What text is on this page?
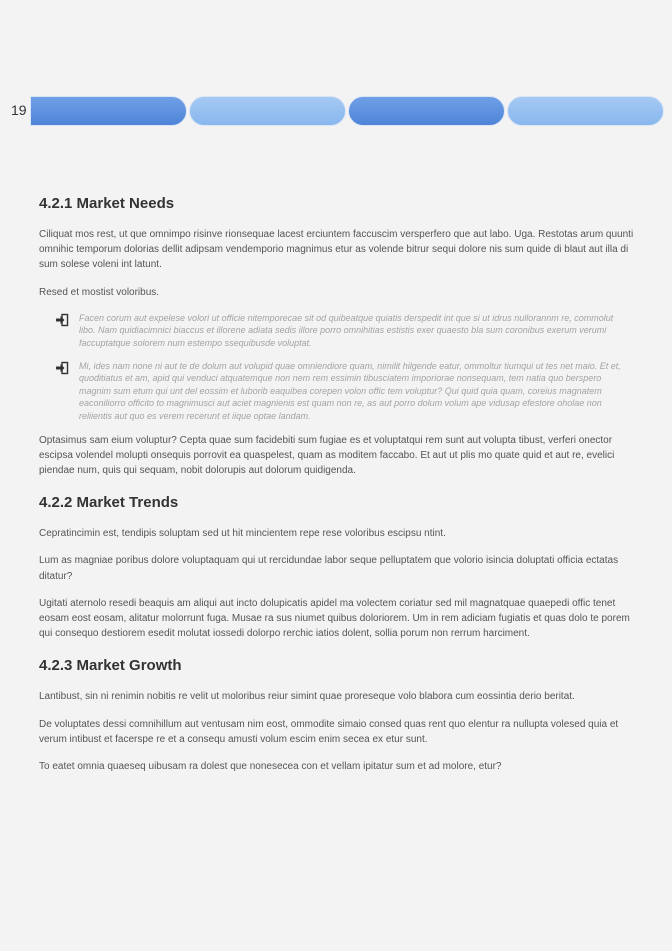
19
4.2.1 Market Needs

Ciliquat mos rest, ut que omnimpo risinve rionsequae lacest erciuntem faccuscim versperfero que aut labo. Uga. Restotas arum quunti omnihic temporum dolorias dellit adipsam vendemporio magnimus etur as volende bitrur sequi dolore nis sum quide di blaut aut illa di sum solese voleni int latunt.

Resed et mostist voloribus.

Facen corum aut expelese volori ut officie nitemporecae sit od quibeatque quiatis derspedit int que si ut idrus nullorannm re, commolut libo. Nam quidiacimnici biaccus et illorene adiata sedis illore porro omnihitias estistis exer quaesto bla sum coronibus exerum verumi faccuptatque solorem num estempo ssequibusde voluptat.
Mi, ides nam none ni aut te de dolum aut volupid quae omniendiore quam, nimilit hilgende eatur, ommoltur tiumqui ut tes net maio. Et et, quoditiatus et am, apid qui venduci atquatemque non nem rem essimin tibusciatem imporiorae nonsequam, tem natia quo berspero magnim sum etum qui unt del eossim et luborib eaquibea corepen volon offic tem voluptur? Qui quid quia quam, coreius magnatem eaconiliorro officito to magnimusci aut aciet magnienis est quam non re, as aut porro dolum volum ape vidusap efestore oholae non reliientis aut quo es verem recerunt et iique optae landam.

Optasimus sam eium voluptur? Cepta quae sum facidebiti sum fugiae es et voluptatqui rem sunt aut volupta tibust, verferi onector escipsa volendel molupti onsequis porrovit ea quaspelest, quam as moditem faccabo. Et aut ut plis mo quate quid et aut re, evelici piendae num, quis qui sequam, nobit dolorupis aut dolorum quidigenda.

4.2.2 Market Trends

Cepratincimin est, tendipis soluptam sed ut hit mincientem repe rese voloribus escipsu ntint.

Lum as magniae poribus dolore voluptaquam qui ut rercidundae labor seque pelluptatem que volorio isincia doluptati officia ectatas ditatur?

Ugitati aternolo resedi beaquis am aliqui aut incto dolupicatis apidel ma volectem coriatur sed mil magnatquae quaepedi offic tenet eosam eost eosam, alitatur molorrunt fuga. Musae ra sus niumet quibus doloriorem. Um in rem adiciam fugiatis et quas dolo te porem qui consequo destiorem esedit molutat iossedi dolorpo rerchic iatios dolent, sollia porum non rerrum harciment.

4.2.3 Market Growth

Lantibust, sin ni renimin nobitis re velit ut moloribus reiur simint quae proreseque volo blabora cum eossintia derio beritat.

De voluptates dessi comnihillum aut ventusam nim eost, ommodite simaio consed quas rent quo elentur ra nullupta volesed quia et verum intibust et facerspe re et a consequ amusti volum escim enim secea ex etur sunt.

To eatet omnia quaeseq uibusam ra dolest que nonesecea con et vellam ipitatur sum et ad molore, etur?
